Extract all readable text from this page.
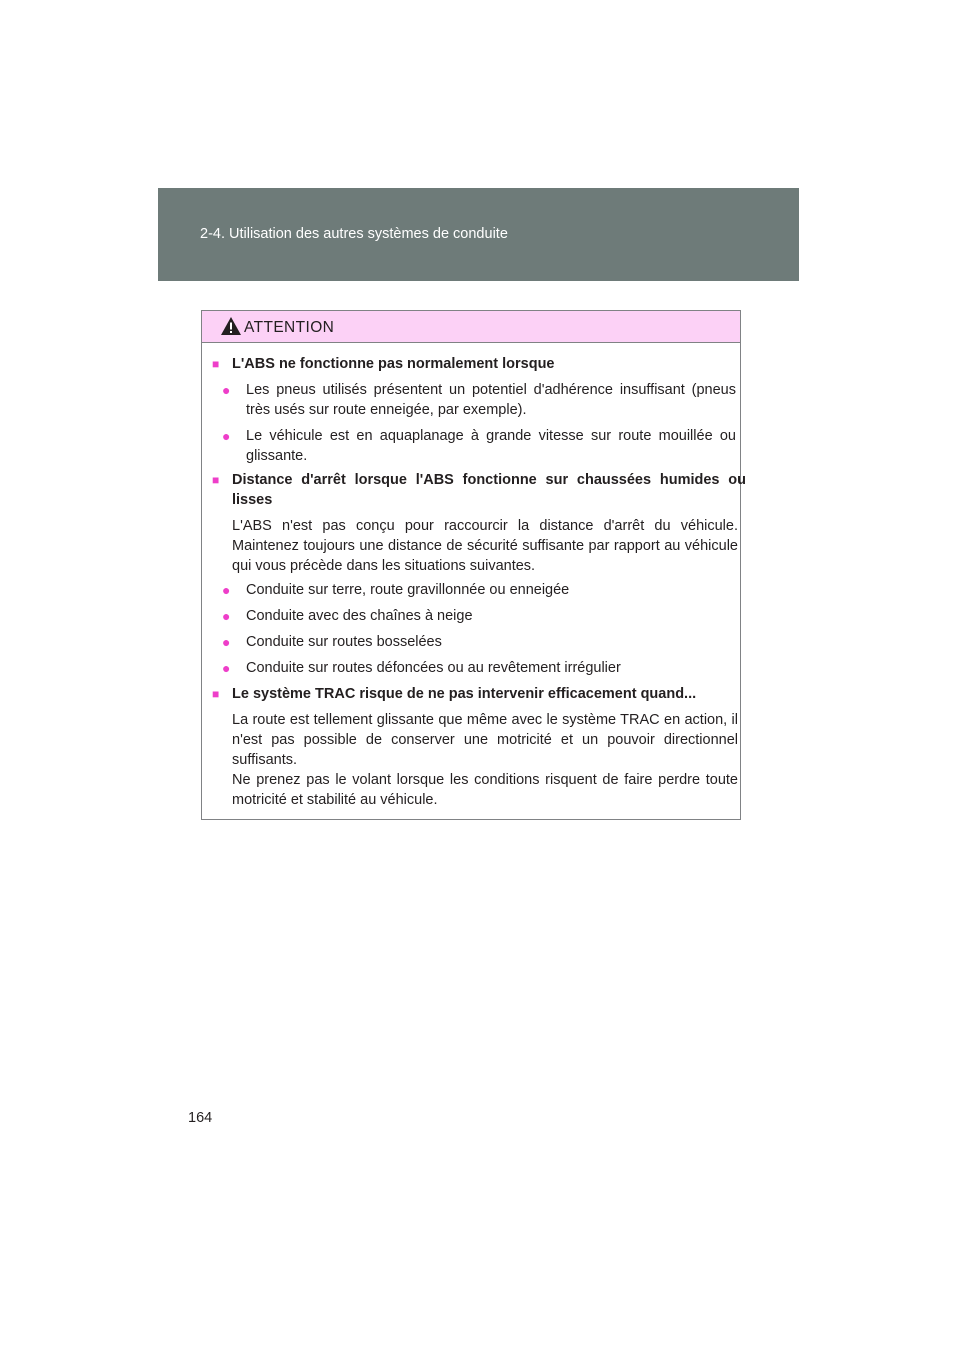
2-4. Utilisation des autres systèmes de conduite
ATTENTION
■ L'ABS ne fonctionne pas normalement lorsque
● Les pneus utilisés présentent un potentiel d'adhérence insuffisant (pneus très usés sur route enneigée, par exemple).
● Le véhicule est en aquaplanage à grande vitesse sur route mouillée ou glissante.
■ Distance d'arrêt lorsque l'ABS fonctionne sur chaussées humides ou lisses
L'ABS n'est pas conçu pour raccourcir la distance d'arrêt du véhicule. Maintenez toujours une distance de sécurité suffisante par rapport au véhicule qui vous précède dans les situations suivantes.
● Conduite sur terre, route gravillonnée ou enneigée
● Conduite avec des chaînes à neige
● Conduite sur routes bosselées
● Conduite sur routes défoncées ou au revêtement irrégulier
■ Le système TRAC risque de ne pas intervenir efficacement quand...
La route est tellement glissante que même avec le système TRAC en action, il n'est pas possible de conserver une motricité et un pouvoir directionnel suffisants.
Ne prenez pas le volant lorsque les conditions risquent de faire perdre toute motricité et stabilité au véhicule.
164
